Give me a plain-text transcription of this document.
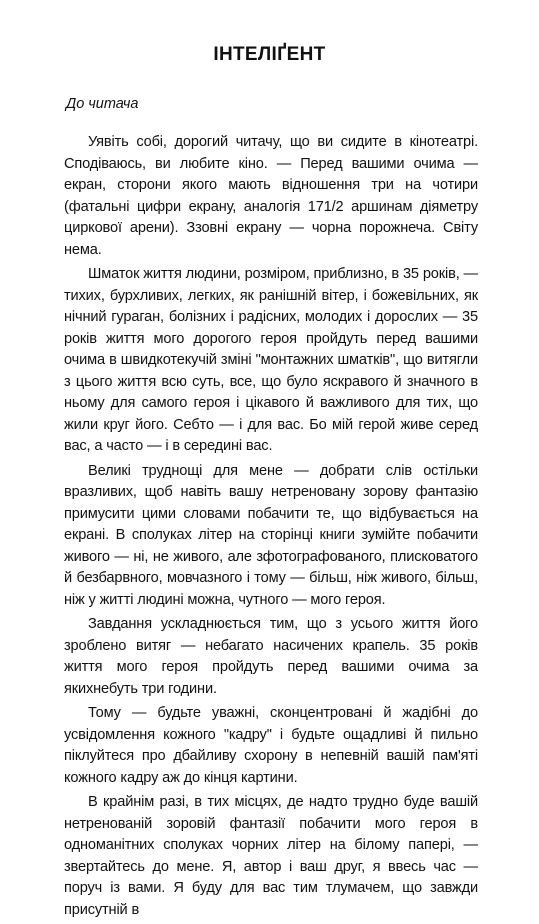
ІНТЕЛІҐЕНТ

До читача

Уявіть собі, дорогий читачу, що ви сидите в кінотеатрі. Сподіваюсь, ви любите кіно. — Перед вашими очима — екран, сторони якого мають відношення три на чотири (фатальні цифри екрану, аналогія 171/2 аршинам діяметру циркової арени). Ззовні екрану — чорна порожнеча. Світу нема.

Шматок життя людини, розміром, приблизно, в 35 років, — тихих, бурхливих, легких, як ранішній вітер, і божевільних, як нічний гураган, болізних і радісних, молодих і дорослих — 35 років життя мого дорогого героя пройдуть перед вашими очима в швидкотекучій зміні "монтажних шматків", що витягли з цього життя всю суть, все, що було яскравого й значного в ньому для самого героя і цікавого й важливого для тих, що жили круг його. Себто — і для вас. Бо мій герой живе серед вас, а часто — і в середині вас.

Великі труднощі для мене — добрати слів остільки вразливих, щоб навіть вашу нетреновану зорову фантазію примусити цими словами побачити те, що відбувається на екрані. В сполуках літер на сторінці книги зумійте побачити живого — ні, не живого, але зфотографованого, плисковатого й безбарвного, мовчазного і тому — більш, ніж живого, більш, ніж у житті людині можна, чутного — мого героя.

Завдання ускладнюється тим, що з усього життя його зроблено витяг — небагато насичених крапель. 35 років життя мого героя пройдуть перед вашими очима за якихнебуть три години.

Тому — будьте уважні, сконцентровані й жадібні до усвідомлення кожного "кадру" і будьте ощадливі й пильно піклуйтеся про дбайливу схорону в непевній вашій пам'яті кожного кадру аж до кінця картини.

В крайнім разі, в тих місцях, де надто трудно буде вашій нетренованій зоровій фантазії побачити мого героя в одноманітних сполуках чорних літер на білому папері, — звертайтесь до мене. Я, автор і ваш друг, я ввесь час — поруч із вами. Я буду для вас тим тлумачем, що завжди присутній в
